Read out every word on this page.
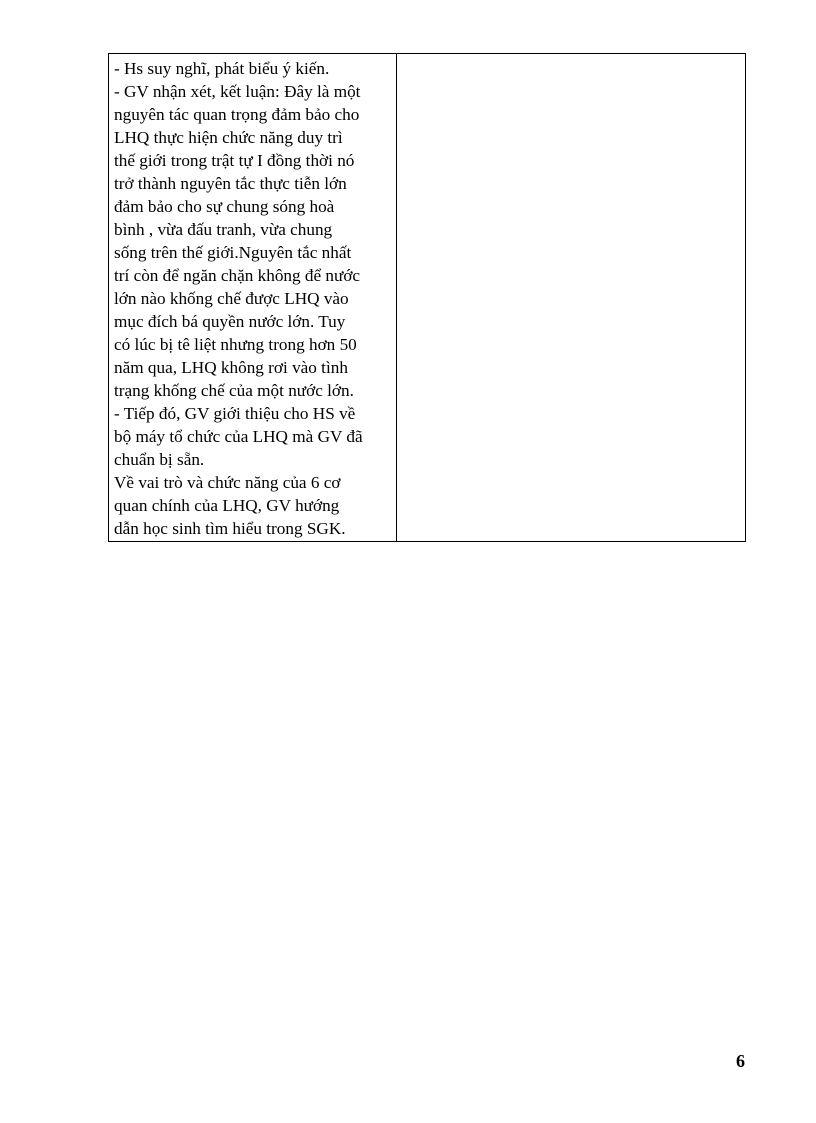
- Hs suy nghĩ, phát biểu ý kiến.
- GV nhận xét, kết luận: Đây là một
nguyên tác quan trọng đảm bảo cho
LHQ thực hiện chức năng duy trì
thế giới trong trật tự I đồng thời nó
trở thành nguyên tắc thực tiễn lớn
đảm bảo cho sự chung sóng hoà
bình , vừa đấu tranh, vừa chung
sống trên thế giới.Nguyên tắc nhất
trí còn để ngăn chặn không để nước
lớn nào khống chế được LHQ vào
mục đích bá quyền nước lớn. Tuy
có lúc bị tê liệt nhưng trong hơn 50
năm qua, LHQ không rơi vào tình
trạng khống chế của một nước lớn.
- Tiếp đó, GV giới thiệu cho HS về
bộ máy tổ chức của LHQ mà GV đã
chuẩn bị sẵn.
Về vai trò và chức năng của 6 cơ
quan chính của LHQ, GV hướng
dẫn học sinh tìm hiểu trong SGK.

6
